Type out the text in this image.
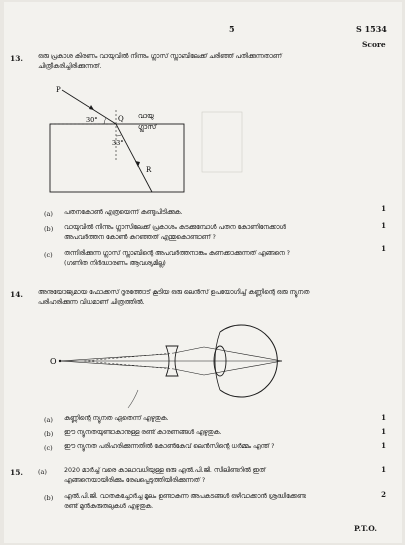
5	S 1534
Score
13. ഒരു പ്രകാശ കിരണം വായുവിൽ നിന്നും ഗ്ലാസ് സ്ലാബിലേക്ക് ചരിഞ്ഞ് പതിക്കുന്നതാണ്
ചിത്രീകരിച്ചിരിക്കുന്നത്.
P
Q
R
30°
33°
വായു
ഗ്ലാസ്
(a) പതനകോൺ എത്രയെന്ന് കണ്ടുപിടിക്കുക.	1
(b) വായുവിൽ നിന്നും ഗ്ലാസിലേക്ക് പ്രകാശം കടക്കുമ്പോൾ പതന കോണിനേക്കാൾ
അപവർത്തന കോൺ കുറഞ്ഞത് എന്തുകൊണ്ടാണ് ?
1
(c) തന്നിരിക്കുന്ന ഗ്ലാസ് സ്ലാബിന്റെ അപവർത്തനാങ്കം കണക്കാക്കുന്നത് എങ്ങനെ ?
(ഗണിത നിർദ്ധാരണം ആവശ്യമില്ല)
1
14. അനുയോജ്യമായ ഫോക്കസ് ദൂരത്തോട് കൂടിയ ഒരു ലെൻസ് ഉപയോഗിച്ച് കണ്ണിന്റെ ഒരു ന്യൂനത
പരിഹരിക്കുന്ന വിധമാണ് ചിത്രത്തിൽ.
O
(a) കണ്ണിന്റെ ന്യൂനത ഏതെന്ന് എഴുതുക.	1
(b) ഈ ന്യൂനതയുണ്ടാകാനുള്ള രണ്ട് കാരണങ്ങൾ എഴുതുക.	1
(c) ഈ ന്യൂനത പരിഹരിക്കുന്നതിൽ കോൺകേവ് ലെൻസിന്റെ ധർമ്മം എന്ത് ?	1
15. (a)	2020 മാർച്ച് വരെ കാലാവധിയുള്ള ഒരു എൽ.പി.ജി. സിലിണ്ടറിൽ ഇത്
എങ്ങനെയായിരിക്കും രേഖപ്പെടുത്തിയിരിക്കുന്നത് ?
1
(b) എൽ.പി.ജി. വാതകച്ചോർച്ച മൂലം ഉണ്ടാകുന്ന അപകടങ്ങൾ ഒഴിവാക്കാൻ ശ്രദ്ധിക്കേണ്ട
രണ്ട് മുൻകരുതലുകൾ എഴുതുക.
2
P.T.O.
